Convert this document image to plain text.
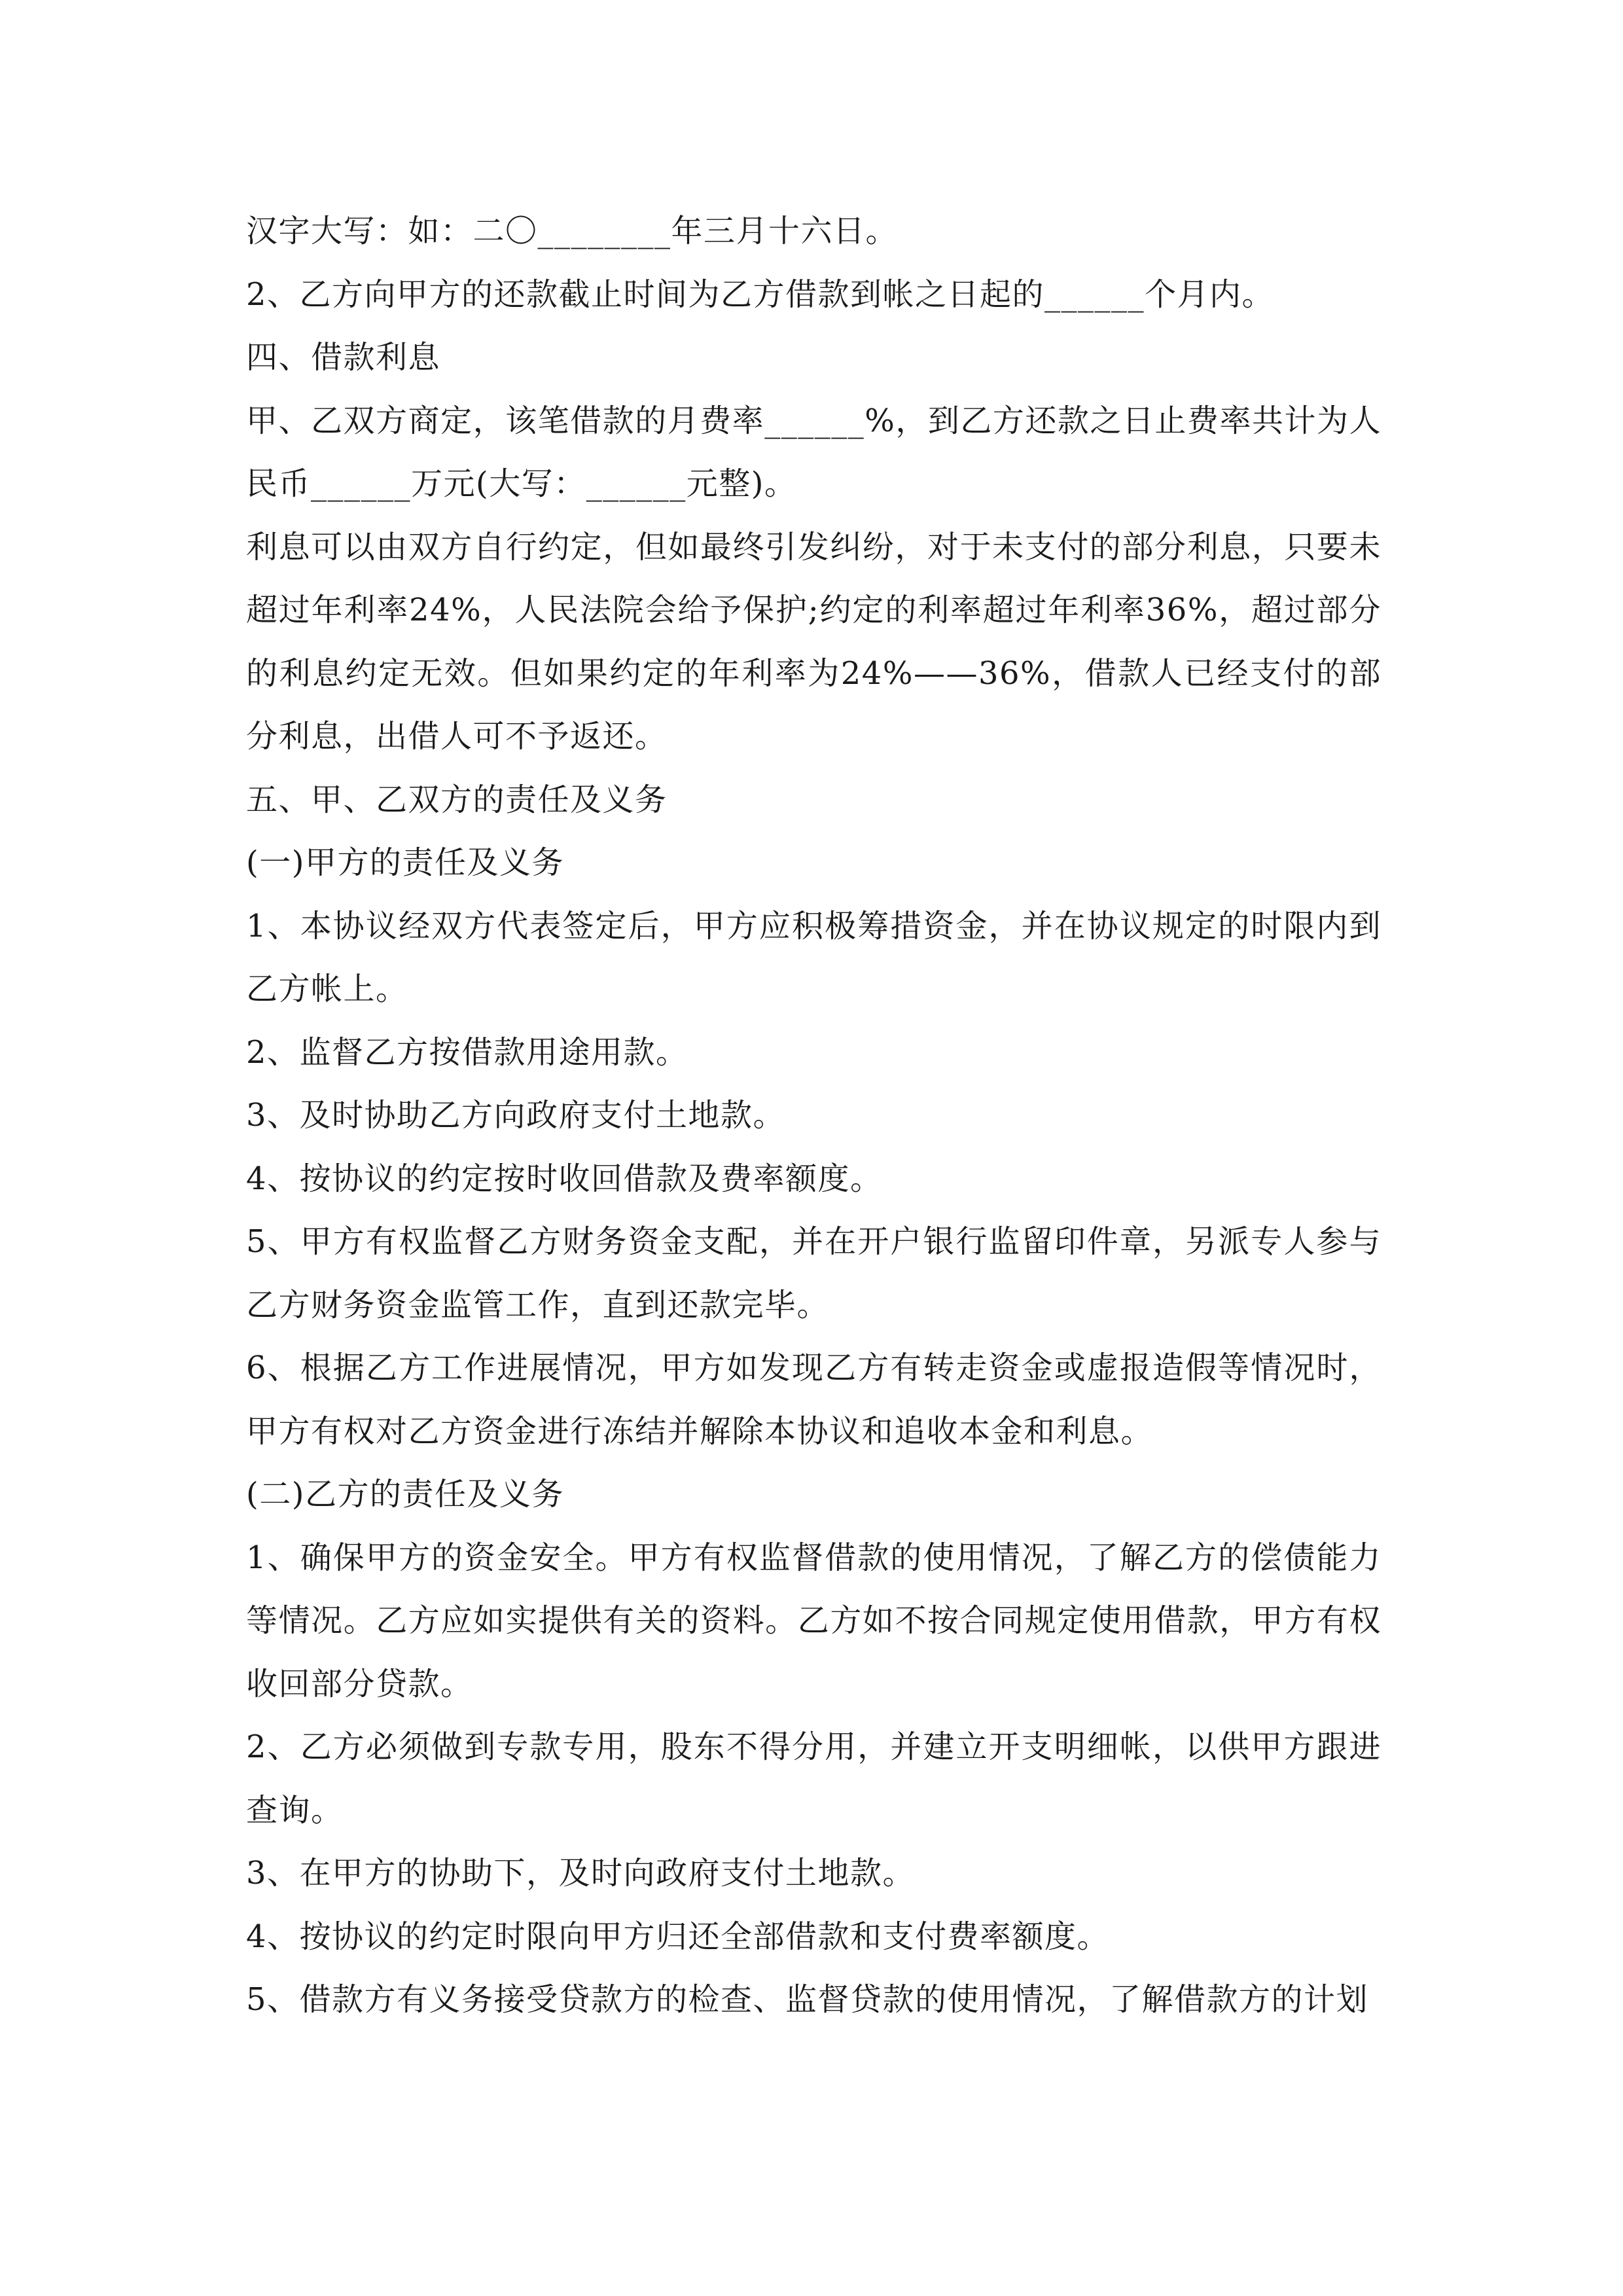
汉字大写：如：二〇________年三月十六日。

2、乙方向甲方的还款截止时间为乙方借款到帐之日起的______个月内。

四、借款利息

甲、乙双方商定，该笔借款的月费率______%，到乙方还款之日止费率共计为人民币______万元(大写：______元整)。

利息可以由双方自行约定，但如最终引发纠纷，对于未支付的部分利息，只要未超过年利率24%，人民法院会给予保护;约定的利率超过年利率36%，超过部分的利息约定无效。但如果约定的年利率为24%——36%，借款人已经支付的部分利息，出借人可不予返还。

五、甲、乙双方的责任及义务

(一)甲方的责任及义务

1、本协议经双方代表签定后，甲方应积极筹措资金，并在协议规定的时限内到乙方帐上。

2、监督乙方按借款用途用款。

3、及时协助乙方向政府支付土地款。

4、按协议的约定按时收回借款及费率额度。

5、甲方有权监督乙方财务资金支配，并在开户银行监留印件章，另派专人参与乙方财务资金监管工作，直到还款完毕。

6、根据乙方工作进展情况，甲方如发现乙方有转走资金或虚报造假等情况时，甲方有权对乙方资金进行冻结并解除本协议和追收本金和利息。

(二)乙方的责任及义务

1、确保甲方的资金安全。甲方有权监督借款的使用情况，了解乙方的偿债能力等情况。乙方应如实提供有关的资料。乙方如不按合同规定使用借款，甲方有权收回部分贷款。

2、乙方必须做到专款专用，股东不得分用，并建立开支明细帐，以供甲方跟进查询。

3、在甲方的协助下，及时向政府支付土地款。

4、按协议的约定时限向甲方归还全部借款和支付费率额度。

5、借款方有义务接受贷款方的检查、监督贷款的使用情况，了解借款方的计划
